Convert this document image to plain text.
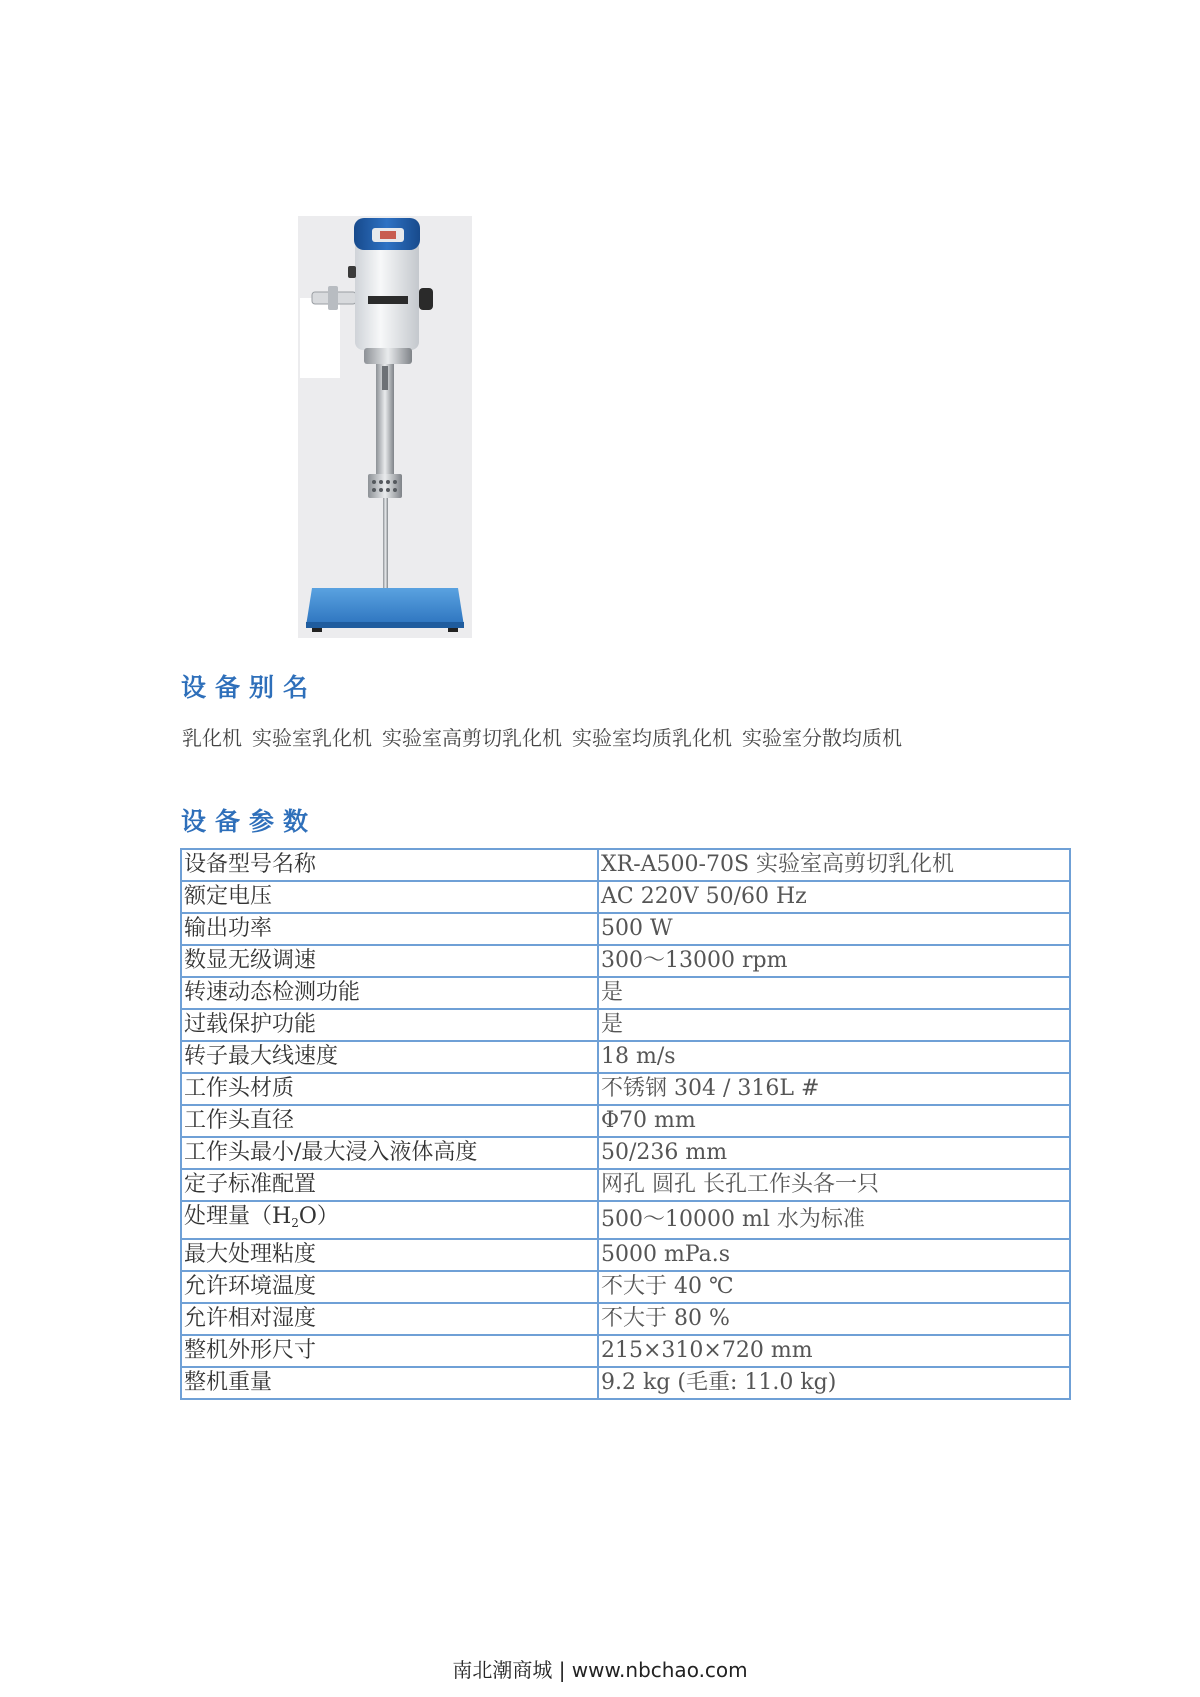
设备别名

乳化机 实验室乳化机 实验室高剪切乳化机 实验室均质乳化机 实验室分散均质机

设备参数
设备型号名称	XR-A500-70S 实验室高剪切乳化机
额定电压	AC 220V 50/60 Hz
输出功率	500 W
数显无级调速	300～13000 rpm
转速动态检测功能	是
过载保护功能	是
转子最大线速度	18 m/s
工作头材质	不锈钢 304 / 316L #
工作头直径	Φ70 mm
工作头最小/最大浸入液体高度	50/236 mm
定子标准配置	网孔 圆孔 长孔工作头各一只
处理量$(H_2O)$	500～10000 ml 水为标准
最大处理粘度	5000 mPa.s
允许环境温度	不大于 40 ℃
允许相对湿度	不大于 80 %
整机外形尺寸	215×310×720 mm
整机重量	9.2 kg (毛重: 11.0 kg)

南北潮商城 | www.nbchao.com
